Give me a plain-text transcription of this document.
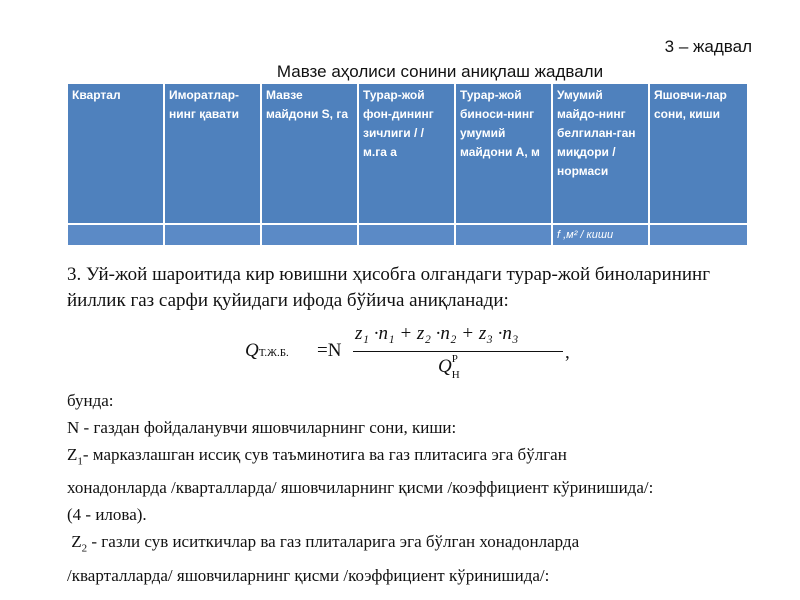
3 – жадвал
Мавзе аҳолиси сонини аниқлаш жадвали
Квартал	Иморатлар-нинг қавати	Мавзе майдони S, га	Турар-жой фон-дининг зичлиги / / м.га а	Турар-жой биноси-нинг умумий майдони А, м	Умумий майдо-нинг белгилан-ган миқдори /нормаси	Яшовчи-лар сони, киши
					f ,м² / киши	
3. Уй-жой шароитида кир ювишни ҳисобга олгандаги турар-жой биноларининг йиллик газ сарфи қуйидаги ифода бўйича аниқланади:
QТ.Ж.Б. =N
z₁ ·n₁ + z₂ ·n₂ + z₃ ·n₃
$Q_Н^Р$	,
бунда:
N - газдан фойдаланувчи яшовчиларнинг сони, киши:
$Z_1-$ марказлашган иссиқ сув таъминотига ва газ плитасига эга бўлган
хонадонларда /кварталларда/ яшовчиларнинг қисми /коэффициент кўринишида/:
(4 - илова).
$Z_2$ - газли сув иситкичлар ва газ плиталарига эга бўлган хонадонларда
/кварталларда/ яшовчиларнинг қисми /коэффициент кўринишида/:
